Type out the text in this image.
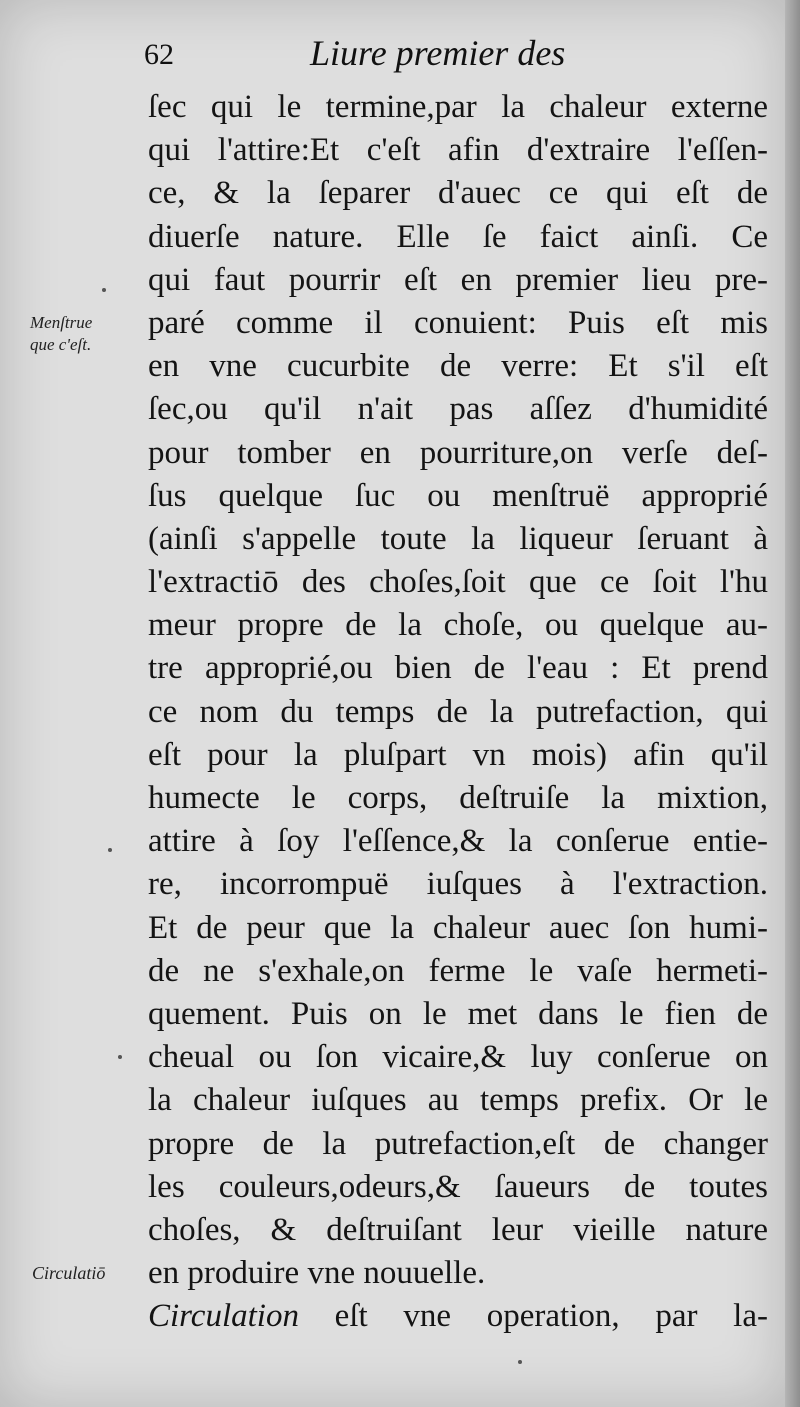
62	Liure premier des
Menſtrue
que c'eſt.
Circulatiō
ſec qui le termine,par la chaleur externe
qui l'attire:Et c'eſt afin d'extraire l'eſſen-
ce, & la ſeparer d'auec ce qui eſt de
diuerſe nature. Elle ſe faict ainſi. Ce
qui faut pourrir eſt en premier lieu pre-
paré comme il conuient: Puis eſt mis
en vne cucurbite de verre: Et s'il eſt
ſec,ou qu'il n'ait pas aſſez d'humidité
pour tomber en pourriture,on verſe deſ-
ſus quelque ſuc ou menſtruë approprié
(ainſi s'appelle toute la liqueur ſeruant à
l'extractiō des choſes,ſoit que ce ſoit l'hu
meur propre de la choſe, ou quelque au-
tre approprié,ou bien de l'eau : Et prend
ce nom du temps de la putrefaction, qui
eſt pour la pluſpart vn mois) afin qu'il
humecte le corps, deſtruiſe la mixtion,
attire à ſoy l'eſſence,& la conſerue entie-
re, incorrompuë iuſques à l'extraction.
Et de peur que la chaleur auec ſon humi-
de ne s'exhale,on ferme le vaſe hermeti-
quement. Puis on le met dans le fien de
cheual ou ſon vicaire,& luy conſerue on
la chaleur iuſques au temps prefix. Or le
propre de la putrefaction,eſt de changer
les couleurs,odeurs,& ſaueurs de toutes
choſes, & deſtruiſant leur vieille nature
en produire vne nouuelle.
Circulation eſt vne operation, par la-
